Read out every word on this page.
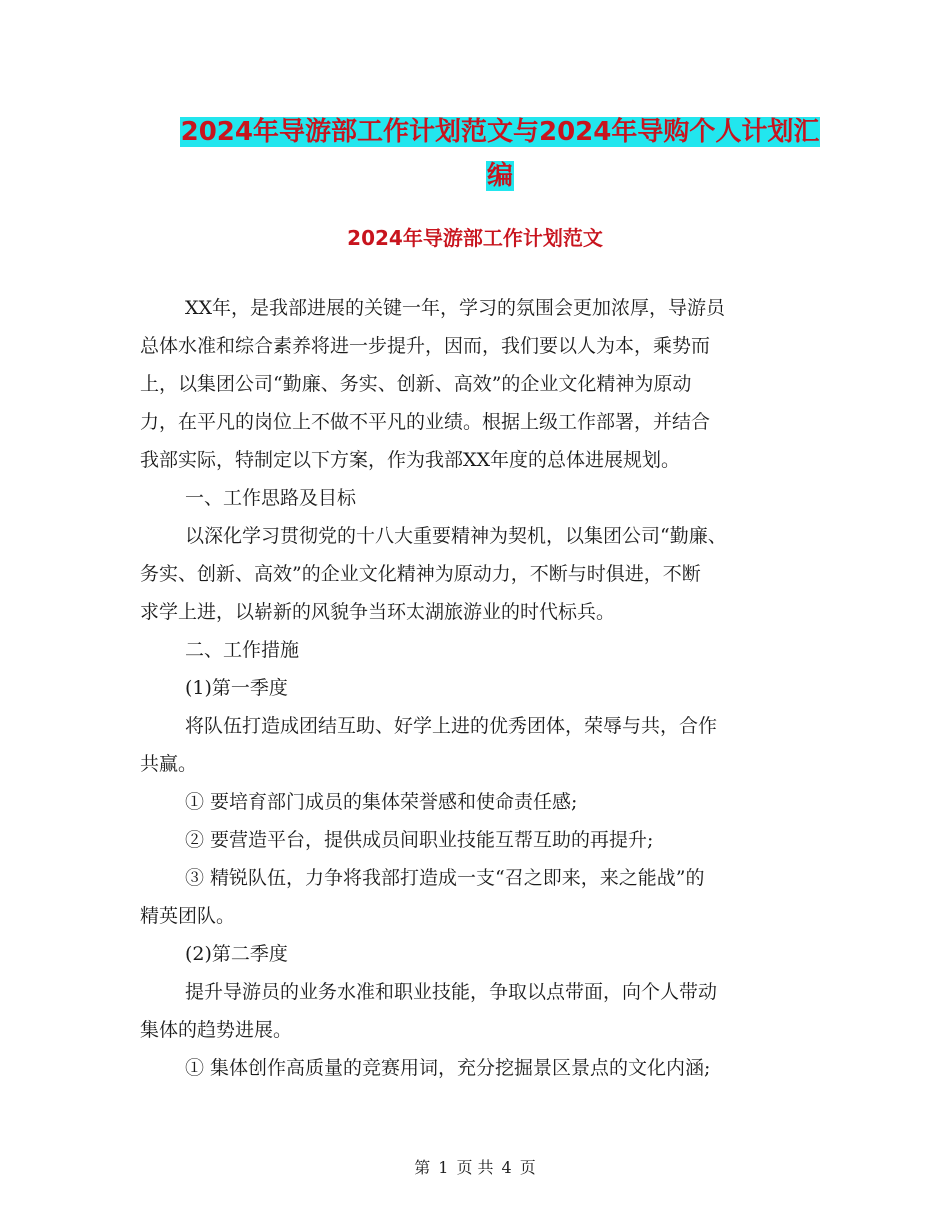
2024年导游部工作计划范文与2024年导购个人计划汇
编
2024年导游部工作计划范文
XX年，是我部进展的关键一年，学习的氛围会更加浓厚，导游员
总体水准和综合素养将进一步提升，因而，我们要以人为本，乘势而
上，以集团公司“勤廉、务实、创新、高效”的企业文化精神为原动
力，在平凡的岗位上不做不平凡的业绩。根据上级工作部署，并结合
我部实际，特制定以下方案，作为我部XX年度的总体进展规划。
一、工作思路及目标
以深化学习贯彻党的十八大重要精神为契机，以集团公司“勤廉、
务实、创新、高效”的企业文化精神为原动力，不断与时俱进，不断
求学上进，以崭新的风貌争当环太湖旅游业的时代标兵。
二、工作措施
(1)第一季度
将队伍打造成团结互助、好学上进的优秀团体，荣辱与共，合作
共赢。
① 要培育部门成员的集体荣誉感和使命责任感;
② 要营造平台，提供成员间职业技能互帮互助的再提升;
③ 精锐队伍，力争将我部打造成一支“召之即来，来之能战”的
精英团队。
(2)第二季度
提升导游员的业务水准和职业技能，争取以点带面，向个人带动
集体的趋势进展。
① 集体创作高质量的竞赛用词，充分挖掘景区景点的文化内涵;
第 1 页 共 4 页
